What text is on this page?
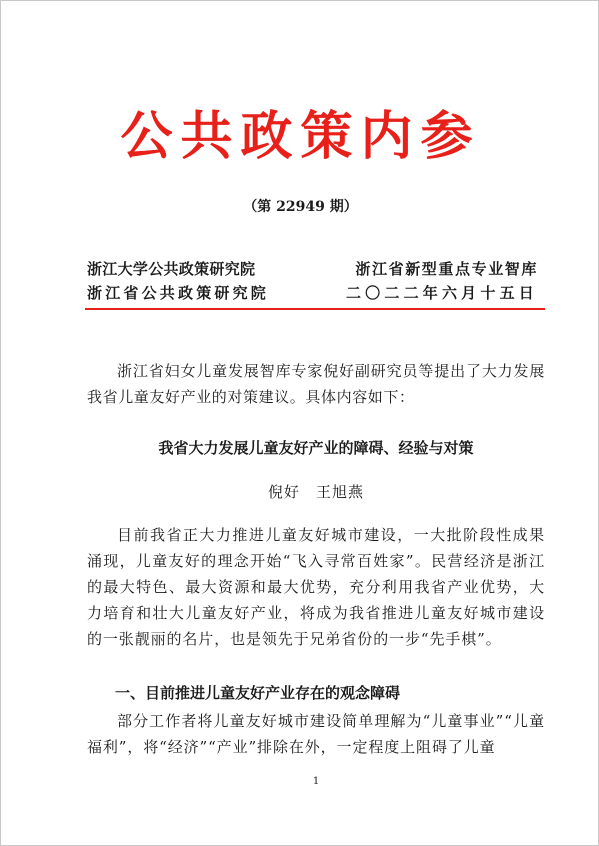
公共政策内参
（第 22949 期）
浙江大学公共政策研究院
浙江省公共政策研究院
浙江省新型重点专业智库
二〇二二年六月十五日
浙江省妇女儿童发展智库专家倪好副研究员等提出了大力发展我省儿童友好产业的对策建议。具体内容如下：
我省大力发展儿童友好产业的障碍、经验与对策
倪好　王旭燕
目前我省正大力推进儿童友好城市建设，一大批阶段性成果涌现，儿童友好的理念开始“飞入寻常百姓家”。民营经济是浙江的最大特色、最大资源和最大优势，充分利用我省产业优势，大力培育和壮大儿童友好产业，将成为我省推进儿童友好城市建设的一张靓丽的名片，也是领先于兄弟省份的一步“先手棋”。
一、目前推进儿童友好产业存在的观念障碍
部分工作者将儿童友好城市建设简单理解为“儿童事业”“儿童福利”，将“经济”“产业”排除在外，一定程度上阻碍了儿童
1
